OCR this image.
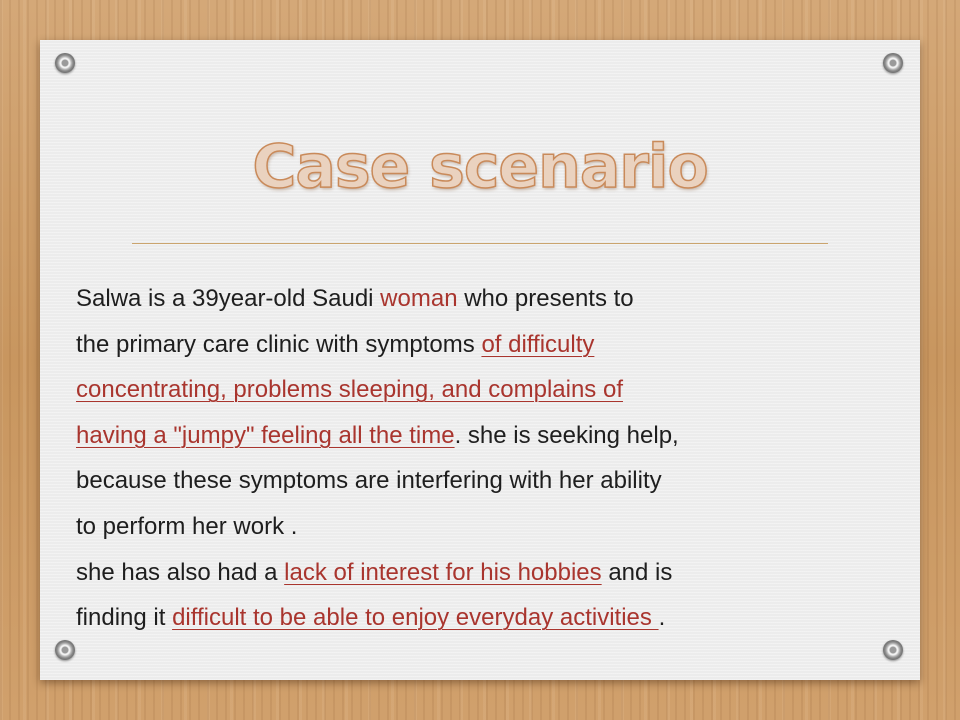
Case scenario
Salwa is a 39year-old Saudi woman who presents to
the primary care clinic with symptoms of difficulty
concentrating, problems sleeping, and complains of
having a "jumpy" feeling all the time. she is seeking help,
because these symptoms are interfering with her ability
to perform her work .
she has also had a lack of interest for his hobbies and is
finding it difficult to be able to enjoy everyday activities .
